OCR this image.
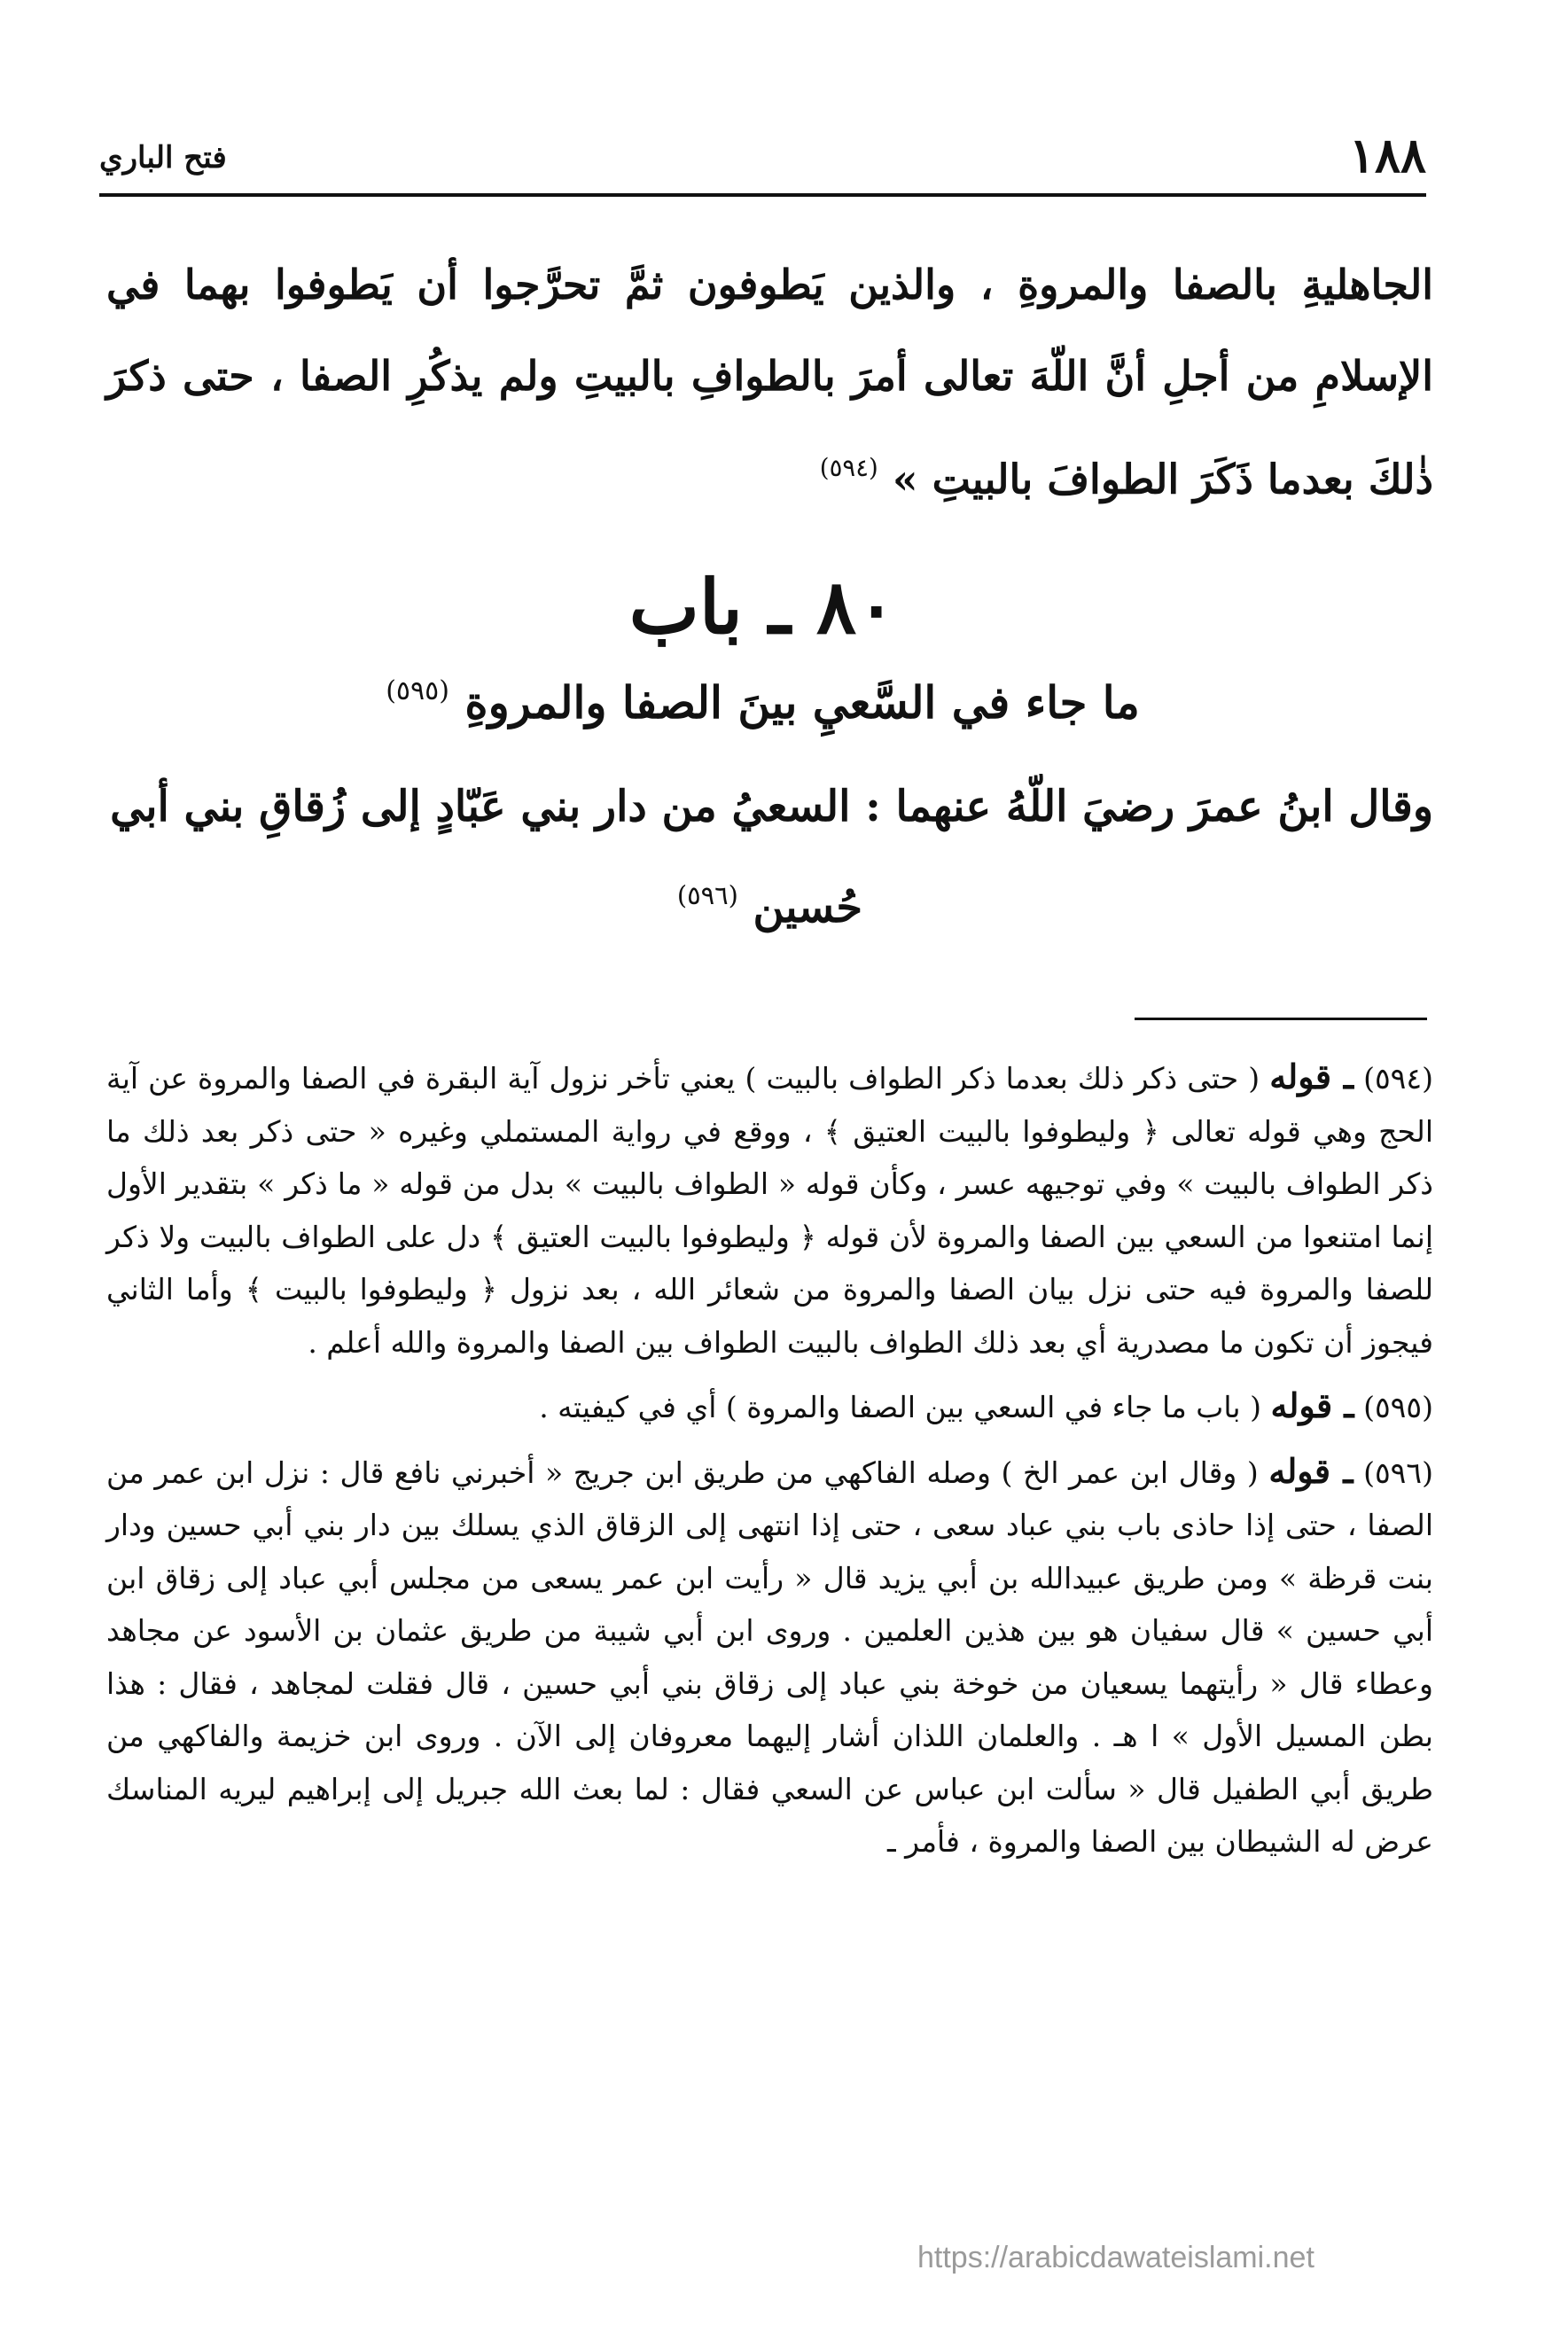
١٨٨
فتح الباري

الجاهليةِ بالصفا والمروةِ ، والذين يَطوفون ثمَّ تحرَّجوا أن يَطوفوا بهما في الإسلامِ من أجلِ أنَّ اللّهَ تعالى أمرَ بالطوافِ بالبيتِ ولم يذكُرِ الصفا ، حتى ذكرَ ذٰلكَ بعدما ذَكَرَ الطوافَ بالبيتِ » $^{(٥٩٤)}$

٨٠ ـ باب
ما جاء في السَّعيِ بينَ الصفا والمروةِ $^{(٥٩٥)}$
وقال ابنُ عمرَ رضيَ اللّهُ عنهما : السعيُ من دار بني عَبّادٍ إلى زُقاقِ بني أبي
حُسين $^{(٥٩٦)}$

(٥٩٤) ـ قوله ( حتى ذكر ذلك بعدما ذكر الطواف بالبيت ) يعني تأخر نزول آية البقرة في الصفا والمروة عن آية الحج وهي قوله تعالى ﴿ وليطوفوا بالبيت العتيق ﴾ ، ووقع في رواية المستملي وغيره « حتى ذكر بعد ذلك ما ذكر الطواف بالبيت » وفي توجيهه عسر ، وكأن قوله « الطواف بالبيت » بدل من قوله « ما ذكر » بتقدير الأول إنما امتنعوا من السعي بين الصفا والمروة لأن قوله ﴿ وليطوفوا بالبيت العتيق ﴾ دل على الطواف بالبيت ولا ذكر للصفا والمروة فيه حتى نزل بيان الصفا والمروة من شعائر الله ، بعد نزول ﴿ وليطوفوا بالبيت ﴾ وأما الثاني فيجوز أن تكون ما مصدرية أي بعد ذلك الطواف بالبيت الطواف بين الصفا والمروة والله أعلم .

(٥٩٥) ـ قوله ( باب ما جاء في السعي بين الصفا والمروة ) أي في كيفيته .

(٥٩٦) ـ قوله ( وقال ابن عمر الخ ) وصله الفاكهي من طريق ابن جريج « أخبرني نافع قال : نزل ابن عمر من الصفا ، حتى إذا حاذى باب بني عباد سعى ، حتى إذا انتهى إلى الزقاق الذي يسلك بين دار بني أبي حسين ودار بنت قرظة » ومن طريق عبيدالله بن أبي يزيد قال « رأيت ابن عمر يسعى من مجلس أبي عباد إلى زقاق ابن أبي حسين » قال سفيان هو بين هذين العلمين . وروى ابن أبي شيبة من طريق عثمان بن الأسود عن مجاهد وعطاء قال « رأيتهما يسعيان من خوخة بني عباد إلى زقاق بني أبي حسين ، قال فقلت لمجاهد ، فقال : هذا بطن المسيل الأول » ا هـ . والعلمان اللذان أشار إليهما معروفان إلى الآن . وروى ابن خزيمة والفاكهي من طريق أبي الطفيل قال « سألت ابن عباس عن السعي فقال : لما بعث الله جبريل إلى إبراهيم ليريه المناسك عرض له الشيطان بين الصفا والمروة ، فأمر ـ

https://arabicdawateislami.net
